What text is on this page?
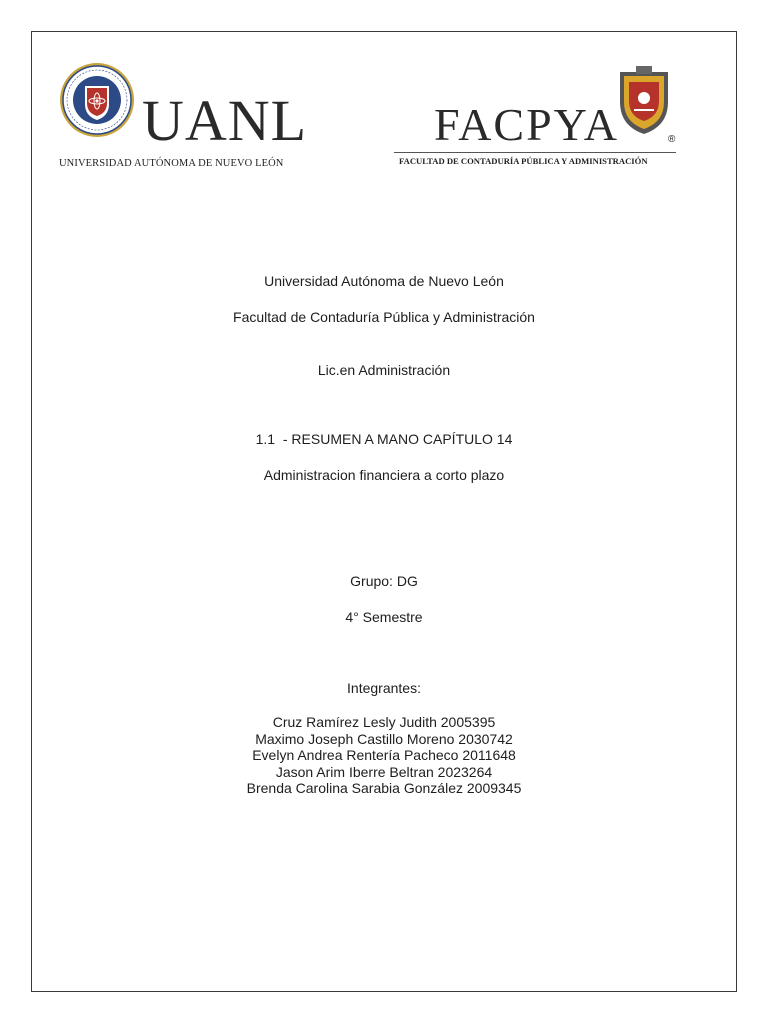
UANL
UNIVERSIDAD AUTÓNOMA DE NUEVO LEÓN
FACPYA	®
FACULTAD DE CONTADURÍA PÚBLICA Y ADMINISTRACIÓN
Universidad Autónoma de Nuevo León
Facultad de Contaduría Pública y Administración
Lic.en Administración
1.1  - RESUMEN A MANO CAPÍTULO 14
Administracion financiera a corto plazo
Grupo: DG
4° Semestre
Integrantes:
Cruz Ramírez Lesly Judith 2005395
Maximo Joseph Castillo Moreno 2030742
Evelyn Andrea Rentería Pacheco 2011648
Jason Arim Iberre Beltran 2023264
Brenda Carolina Sarabia González 2009345
